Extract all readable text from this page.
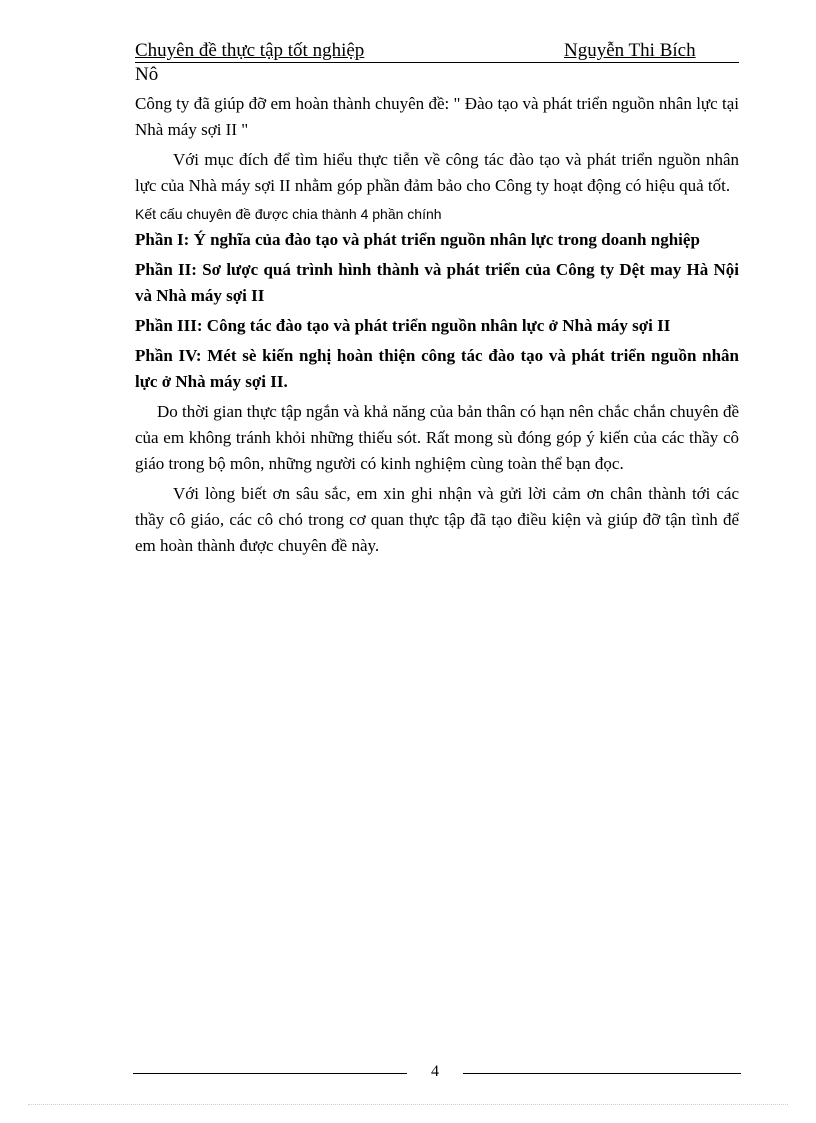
Chuyên đề thực tập tốt nghiệp	Nguyễn Thi Bích
Nô

Công ty đã giúp đỡ em hoàn thành chuyên đề: " Đào tạo và phát triển nguồn nhân lực tại Nhà máy sợi II "

Với mục đích để tìm hiểu thực tiễn về công tác đào tạo và phát triển nguồn nhân lực của Nhà máy sợi II nhằm góp phần đảm bảo cho Công ty hoạt động có hiệu quả tốt.

Kết cấu chuyên đề được chia thành 4 phần chính

Phần I: Ý nghĩa của đào tạo và phát triển nguồn nhân lực trong doanh nghiệp

Phần II: Sơ lược quá trình hình thành và phát triển của Công ty Dệt may Hà Nội và Nhà máy sợi II

Phần III: Công tác đào tạo và phát triển nguồn nhân lực ở Nhà máy sợi II

Phần IV: Mét sè kiến nghị hoàn thiện công tác đào tạo và phát triển nguồn nhân lực ở Nhà máy sợi II.

Do thời gian thực tập ngắn và khả năng của bản thân có hạn nên chắc chắn chuyên đề của em không tránh khỏi những thiếu sót. Rất mong sù đóng góp ý kiến của các thầy cô giáo trong bộ môn, những người có kinh nghiệm cùng toàn thể bạn đọc.

Với lòng biết ơn sâu sắc, em xin ghi nhận và gửi lời cảm ơn chân thành tới các thầy cô giáo, các cô chó trong cơ quan thực tập đã tạo điều kiện và giúp đỡ tận tình để em hoàn thành được chuyên đề này.

4
